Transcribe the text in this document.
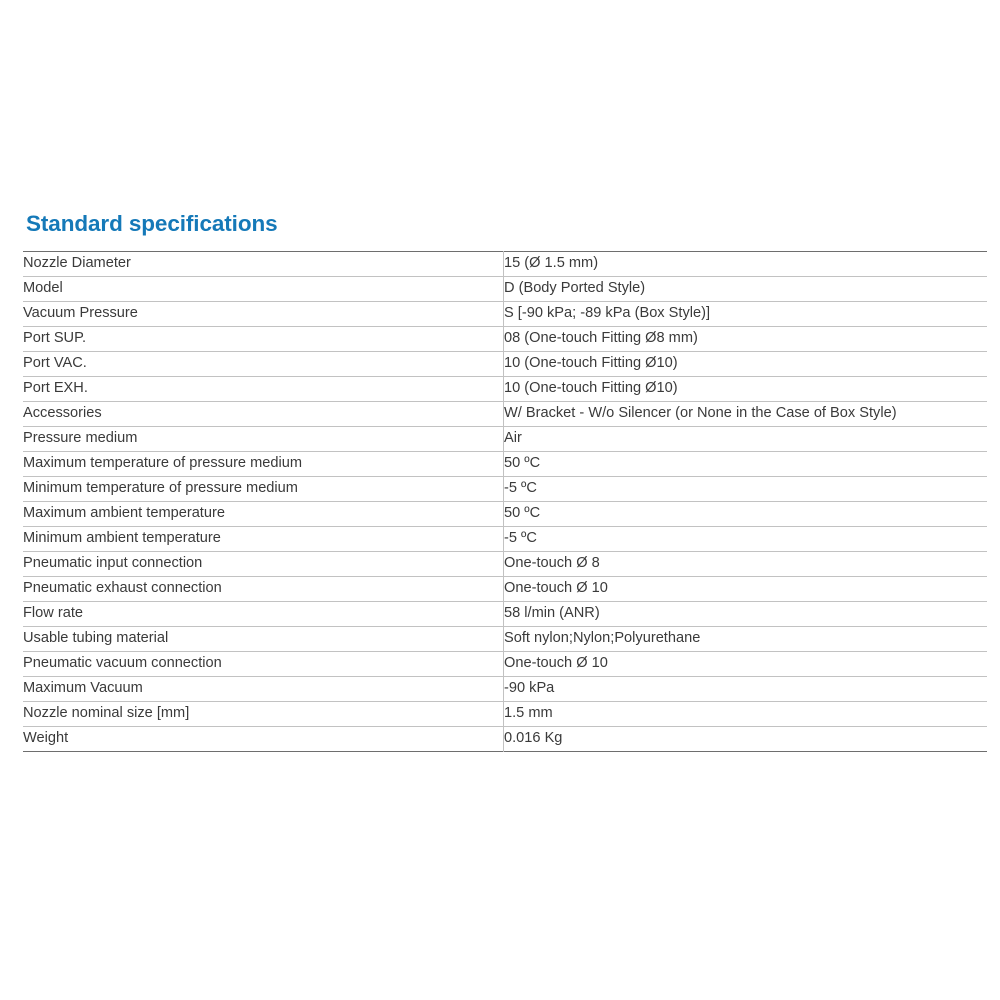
Standard specifications
Nozzle Diameter	15 (Ø 1.5 mm)
Model	D (Body Ported Style)
Vacuum Pressure	S [-90 kPa; -89 kPa (Box Style)]
Port SUP.	08 (One-touch Fitting Ø8 mm)
Port VAC.	10 (One-touch Fitting Ø10)
Port EXH.	10 (One-touch Fitting Ø10)
Accessories	W/ Bracket - W/o Silencer (or None in the Case of Box Style)
Pressure medium	Air
Maximum temperature of pressure medium	50 ºC
Minimum temperature of pressure medium	-5 ºC
Maximum ambient temperature	50 ºC
Minimum ambient temperature	-5 ºC
Pneumatic input connection	One-touch Ø 8
Pneumatic exhaust connection	One-touch Ø 10
Flow rate	58 l/min (ANR)
Usable tubing material	Soft nylon;Nylon;Polyurethane
Pneumatic vacuum connection	One-touch Ø 10
Maximum Vacuum	-90 kPa
Nozzle nominal size [mm]	1.5 mm
Weight	0.016 Kg
